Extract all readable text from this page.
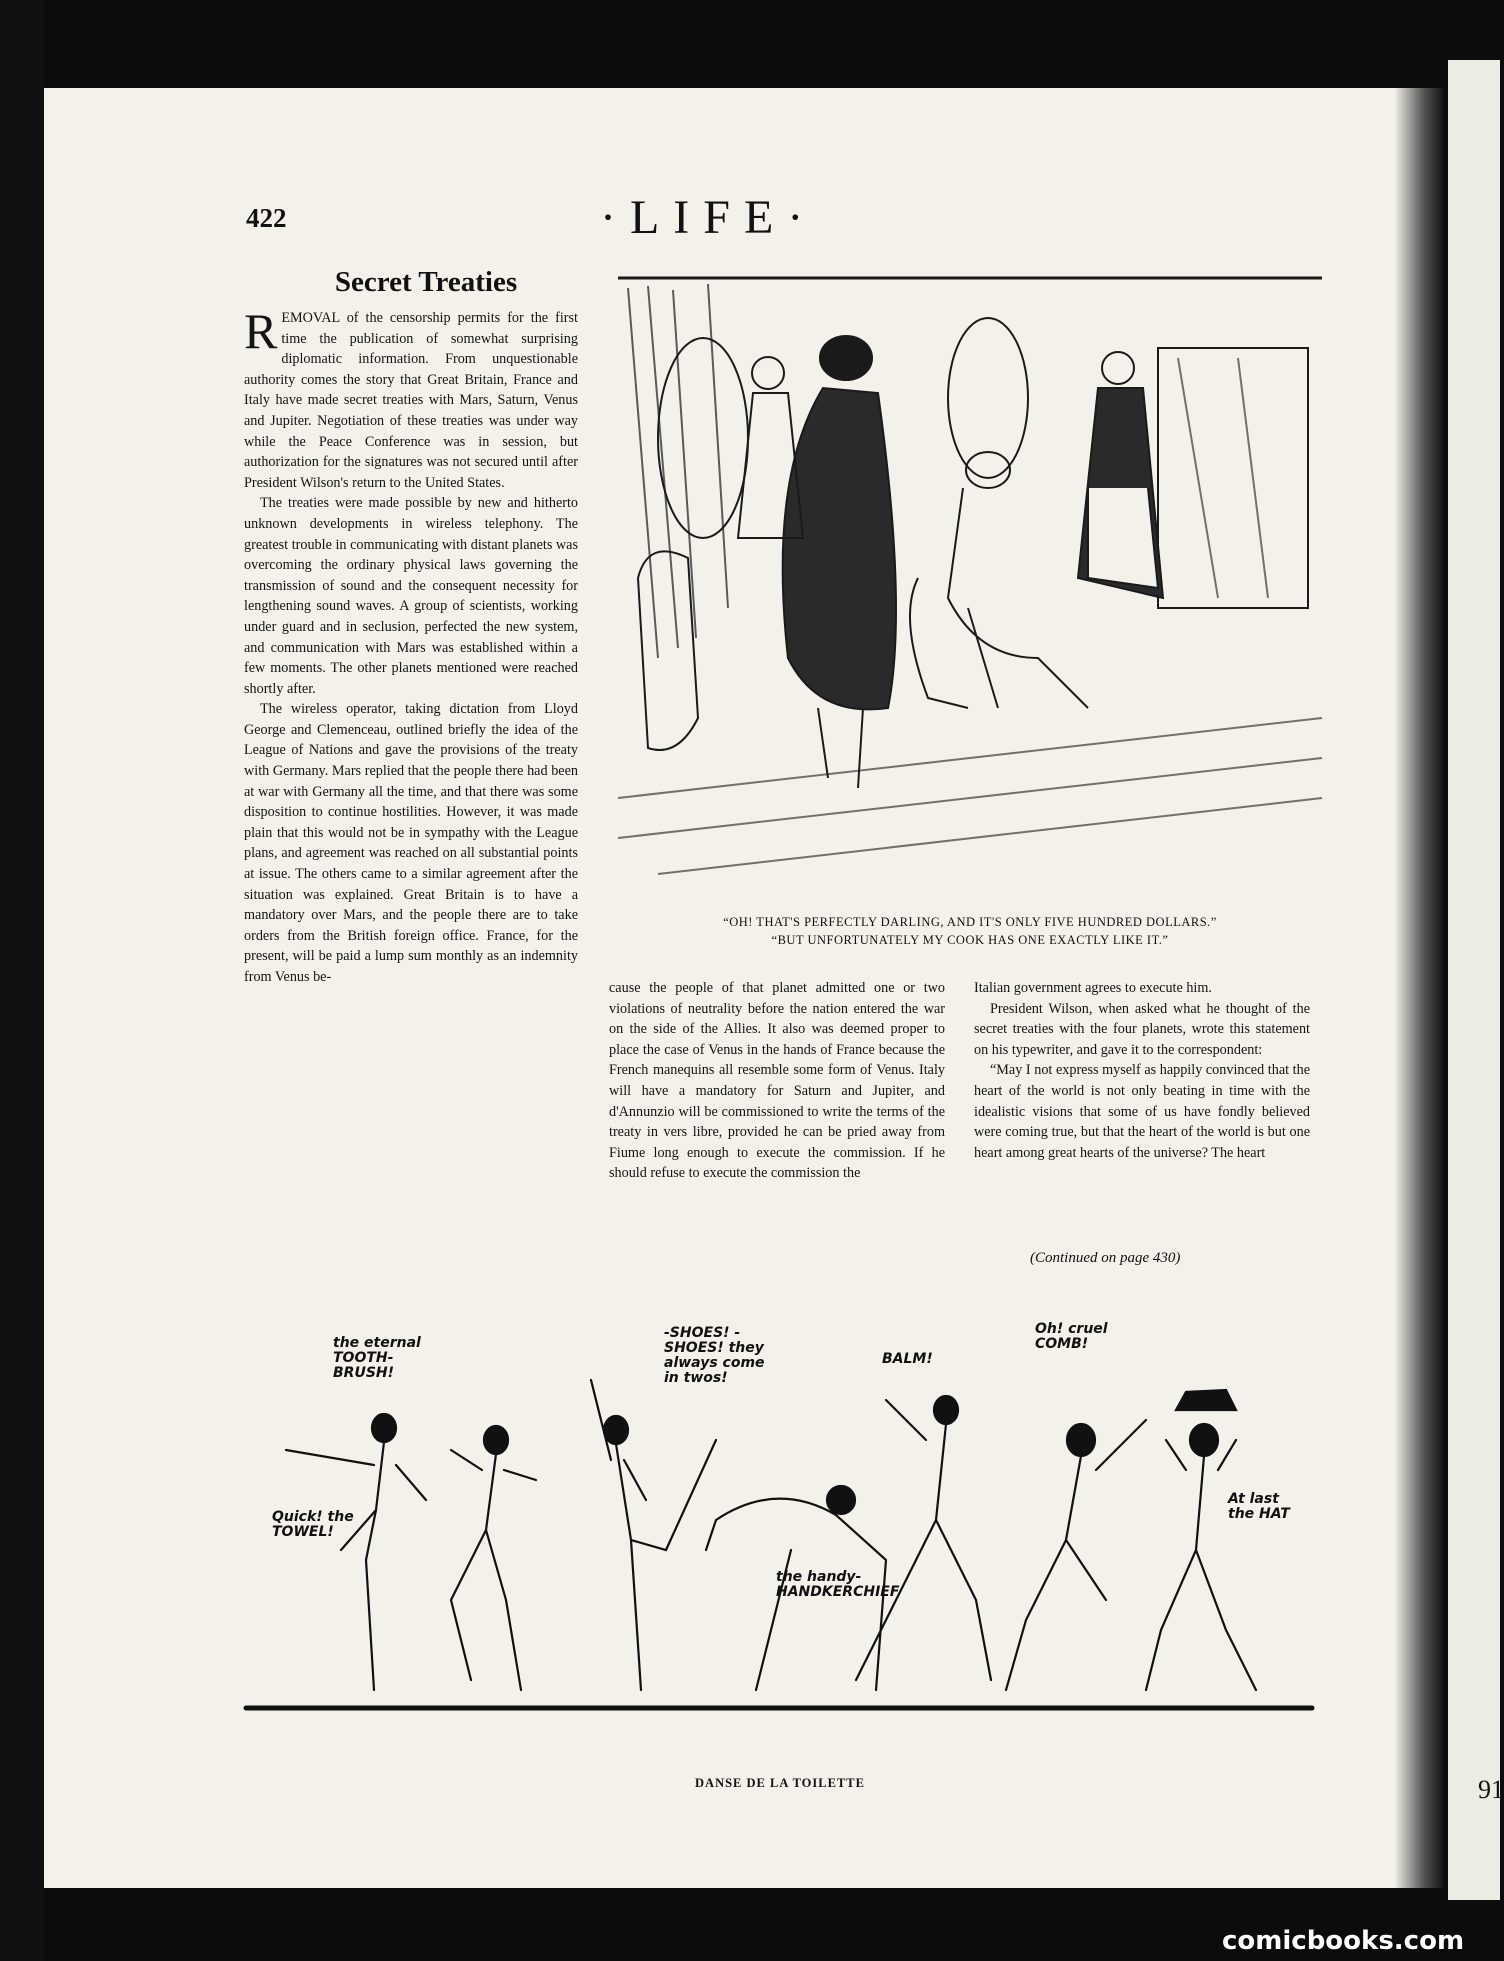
91
422	·LIFE·
Secret Treaties

REMOVAL of the censorship permits for the first time the publication of somewhat surprising diplomatic information. From unquestionable authority comes the story that Great Britain, France and Italy have made secret treaties with Mars, Saturn, Venus and Jupiter. Negotiation of these treaties was under way while the Peace Conference was in session, but authorization for the signatures was not secured until after President Wilson's return to the United States.

The treaties were made possible by new and hitherto unknown developments in wireless telephony. The greatest trouble in communicating with distant planets was overcoming the ordinary physical laws governing the transmission of sound and the consequent necessity for lengthening sound waves. A group of scientists, working under guard and in seclusion, perfected the new system, and communication with Mars was established within a few moments. The other planets mentioned were reached shortly after.

The wireless operator, taking dictation from Lloyd George and Clemenceau, outlined briefly the idea of the League of Nations and gave the provisions of the treaty with Germany. Mars replied that the people there had been at war with Germany all the time, and that there was some disposition to continue hostilities. However, it was made plain that this would not be in sympathy with the League plans, and agreement was reached on all substantial points at issue. The others came to a similar agreement after the situation was explained. Great Britain is to have a mandatory over Mars, and the people there are to take orders from the British foreign office. France, for the present, will be paid a lump sum monthly as an indemnity from Venus be-

cause the people of that planet admitted one or two violations of neutrality before the nation entered the war on the side of the Allies. It also was deemed proper to place the case of Venus in the hands of France because the French manequins all resemble some form of Venus. Italy will have a mandatory for Saturn and Jupiter, and d'Annunzio will be commissioned to write the terms of the treaty in vers libre, provided he can be pried away from Fiume long enough to execute the commission. If he should refuse to execute the commission the

Italian government agrees to execute him.

President Wilson, when asked what he thought of the secret treaties with the four planets, wrote this statement on his typewriter, and gave it to the correspondent:

“May I not express myself as happily convinced that the heart of the world is not only beating in time with the idealistic visions that some of us have fondly believed were coming true, but that the heart of the world is but one heart among great hearts of the universe? The heart

(Continued on page 430)
“OH! THAT'S PERFECTLY DARLING, AND IT'S ONLY FIVE HUNDRED DOLLARS.”
“BUT UNFORTUNATELY MY COOK HAS ONE EXACTLY LIKE IT.”
the eternal TOOTH-BRUSH!
-SHOES! -SHOES! they always come in twos!
BALM!
Oh! cruel COMB!
Quick! the TOWEL!
the handy-HANDKERCHIEF
At last the HAT
DANSE DE LA TOILETTE
comicbooks.com
